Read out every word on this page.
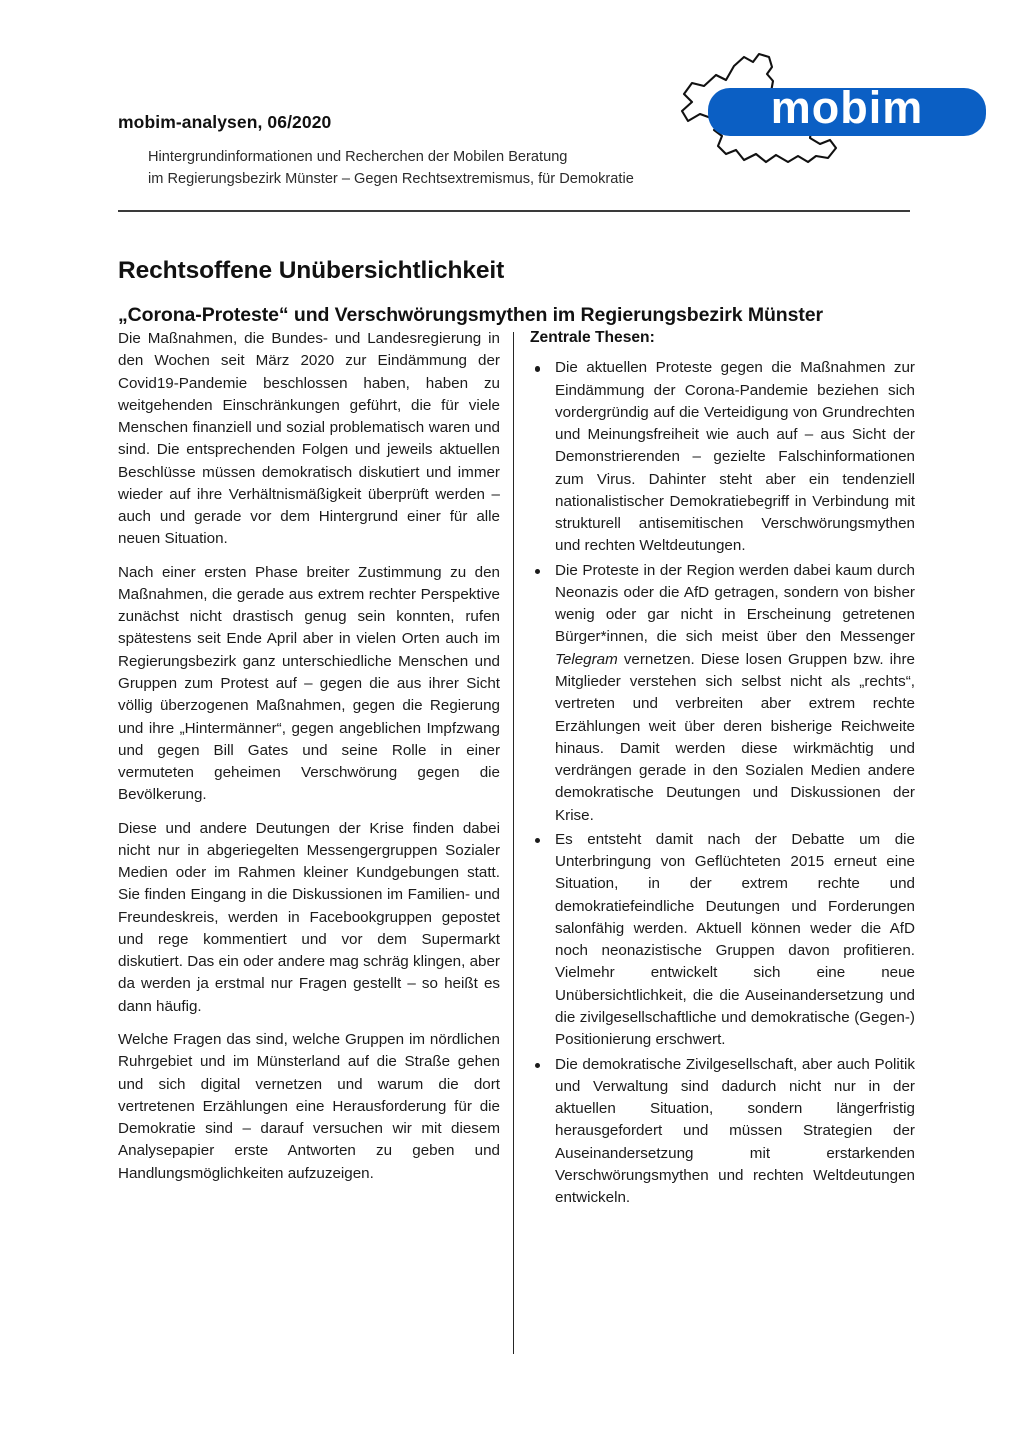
mobim-analysen, 06/2020
Hintergrundinformationen und Recherchen der Mobilen Beratung
im Regierungsbezirk Münster – Gegen Rechtsextremismus, für Demokratie
mobim
Rechtsoffene Unübersichtlichkeit
„Corona-Proteste“ und Verschwörungsmythen im Regierungsbezirk Münster

Die Maßnahmen, die Bundes- und Landesregierung in den Wochen seit März 2020 zur Eindämmung der Covid19-Pandemie beschlossen haben, haben zu weitgehenden Einschränkungen geführt, die für viele Menschen finanziell und sozial problematisch waren und sind. Die entsprechenden Folgen und jeweils aktuellen Beschlüsse müssen demokratisch diskutiert und immer wieder auf ihre Verhältnismäßigkeit überprüft werden – auch und gerade vor dem Hintergrund einer für alle neuen Situation.

Nach einer ersten Phase breiter Zustimmung zu den Maßnahmen, die gerade aus extrem rechter Perspektive zunächst nicht drastisch genug sein konnten, rufen spätestens seit Ende April aber in vielen Orten auch im Regierungsbezirk ganz unterschiedliche Menschen und Gruppen zum Protest auf – gegen die aus ihrer Sicht völlig überzogenen Maßnahmen, gegen die Regierung und ihre „Hintermänner“, gegen angeblichen Impfzwang und gegen Bill Gates und seine Rolle in einer vermuteten geheimen Verschwörung gegen die Bevölkerung.

Diese und andere Deutungen der Krise finden dabei nicht nur in abgeriegelten Messengergruppen Sozialer Medien oder im Rahmen kleiner Kundgebungen statt. Sie finden Eingang in die Diskussionen im Familien- und Freundeskreis, werden in Facebookgruppen gepostet und rege kommentiert und vor dem Supermarkt diskutiert. Das ein oder andere mag schräg klingen, aber da werden ja erstmal nur Fragen gestellt – so heißt es dann häufig.

Welche Fragen das sind, welche Gruppen im nördlichen Ruhrgebiet und im Münsterland auf die Straße gehen und sich digital vernetzen und warum die dort vertretenen Erzählungen eine Herausforderung für die Demokratie sind – darauf versuchen wir mit diesem Analysepapier erste Antworten zu geben und Handlungsmöglichkeiten aufzuzeigen.

Zentrale Thesen:
Die aktuellen Proteste gegen die Maßnahmen zur Eindämmung der Corona-Pandemie beziehen sich vordergründig auf die Verteidigung von Grundrechten und Meinungsfreiheit wie auch auf – aus Sicht der Demonstrierenden – gezielte Falschinformationen zum Virus. Dahinter steht aber ein tendenziell nationalistischer Demokratiebegriff in Verbindung mit strukturell antisemitischen Verschwörungsmythen und rechten Weltdeutungen.
Die Proteste in der Region werden dabei kaum durch Neonazis oder die AfD getragen, sondern von bisher wenig oder gar nicht in Erscheinung getretenen Bürger*innen, die sich meist über den Messenger Telegram vernetzen. Diese losen Gruppen bzw. ihre Mitglieder verstehen sich selbst nicht als „rechts“, vertreten und verbreiten aber extrem rechte Erzählungen weit über deren bisherige Reichweite hinaus. Damit werden diese wirkmächtig und verdrängen gerade in den Sozialen Medien andere demokratische Deutungen und Diskussionen der Krise.
Es entsteht damit nach der Debatte um die Unterbringung von Geflüchteten 2015 erneut eine Situation, in der extrem rechte und demokratiefeindliche Deutungen und Forderungen salonfähig werden. Aktuell können weder die AfD noch neonazistische Gruppen davon profitieren. Vielmehr entwickelt sich eine neue Unübersichtlichkeit, die die Auseinandersetzung und die zivilgesellschaftliche und demokratische (Gegen-) Positionierung erschwert.
Die demokratische Zivilgesellschaft, aber auch Politik und Verwaltung sind dadurch nicht nur in der aktuellen Situation, sondern längerfristig herausgefordert und müssen Strategien der Auseinandersetzung mit erstarkenden Verschwörungsmythen und rechten Weltdeutungen entwickeln.
